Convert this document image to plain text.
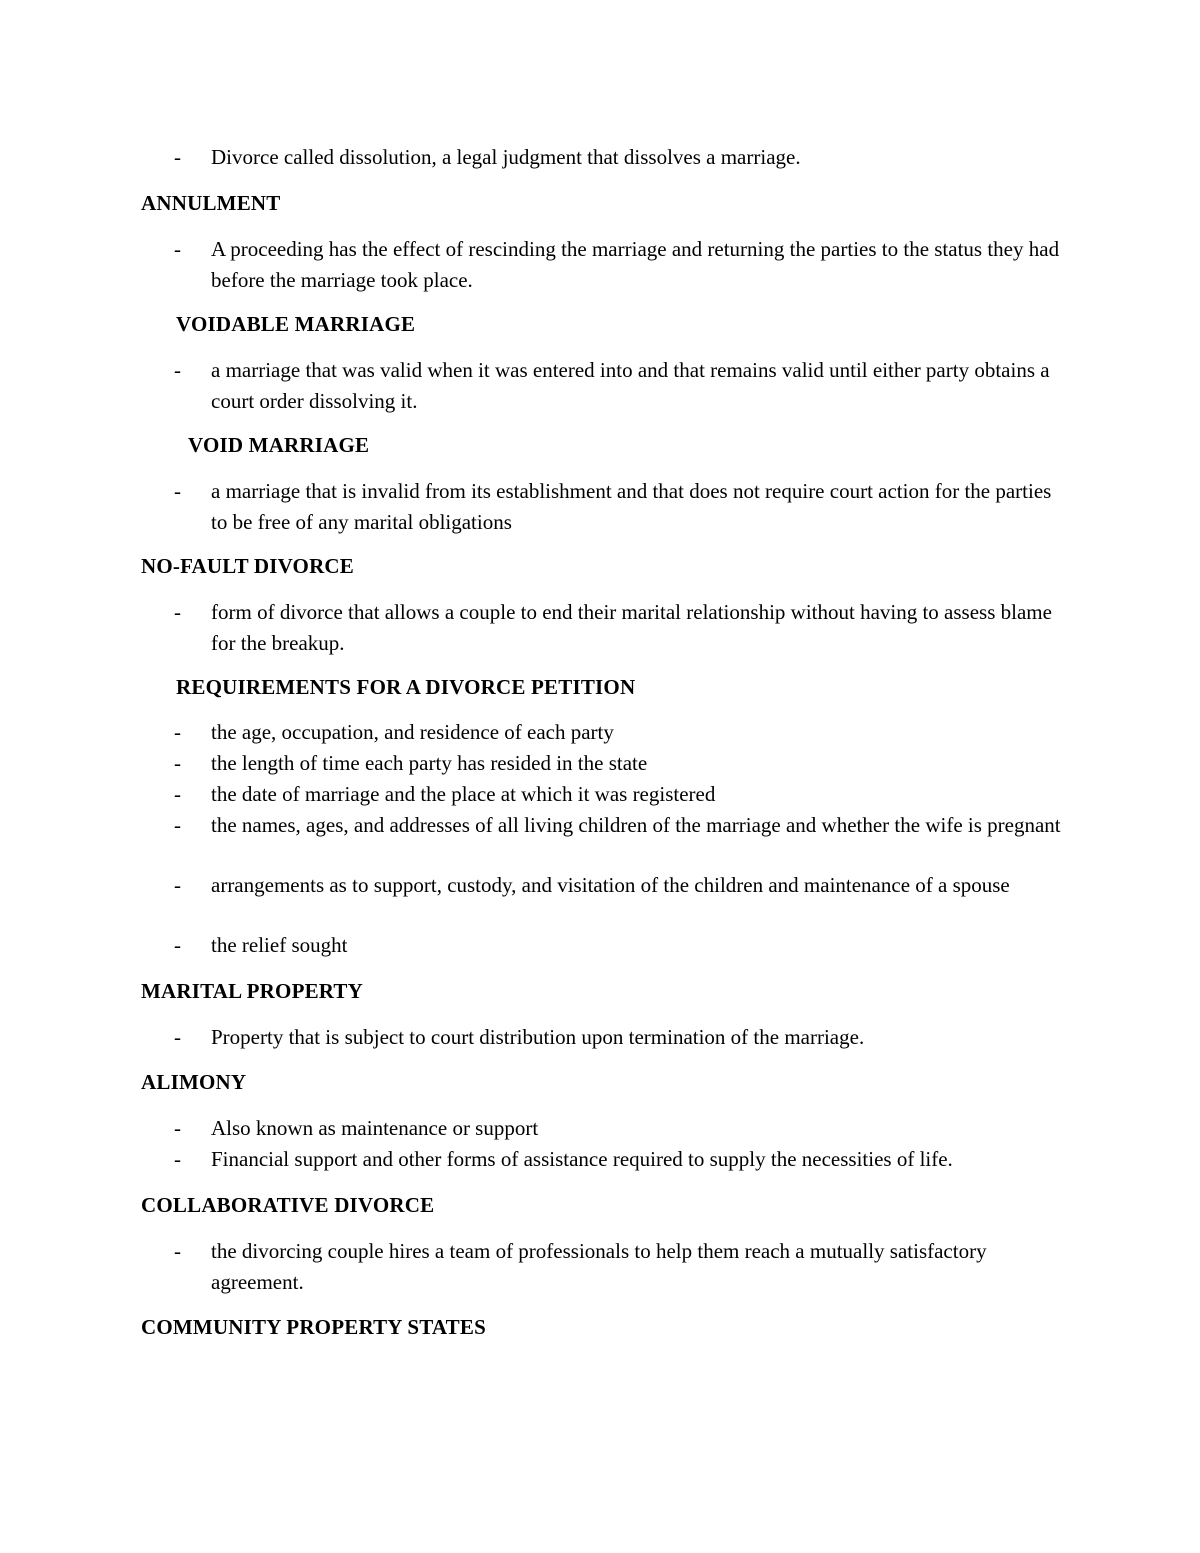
- Divorce called dissolution, a legal judgment that dissolves a marriage.
ANNULMENT
- A proceeding has the effect of rescinding the marriage and returning the parties to the status they had before the marriage took place.
VOIDABLE MARRIAGE
- a marriage that was valid when it was entered into and that remains valid until either party obtains a court order dissolving it.
VOID MARRIAGE
- a marriage that is invalid from its establishment and that does not require court action for the parties to be free of any marital obligations
NO-FAULT DIVORCE
- form of divorce that allows a couple to end their marital relationship without having to assess blame for the breakup.
REQUIREMENTS FOR A DIVORCE PETITION
- the age, occupation, and residence of each party
- the length of time each party has resided in the state
- the date of marriage and the place at which it was registered
- the names, ages, and addresses of all living children of the marriage and whether the wife is pregnant
- arrangements as to support, custody, and visitation of the children and maintenance of a spouse
- the relief sought
MARITAL PROPERTY
- Property that is subject to court distribution upon termination of the marriage.
ALIMONY
- Also known as maintenance or support
- Financial support and other forms of assistance required to supply the necessities of life.
COLLABORATIVE DIVORCE
- the divorcing couple hires a team of professionals to help them reach a mutually satisfactory agreement.
COMMUNITY PROPERTY STATES
